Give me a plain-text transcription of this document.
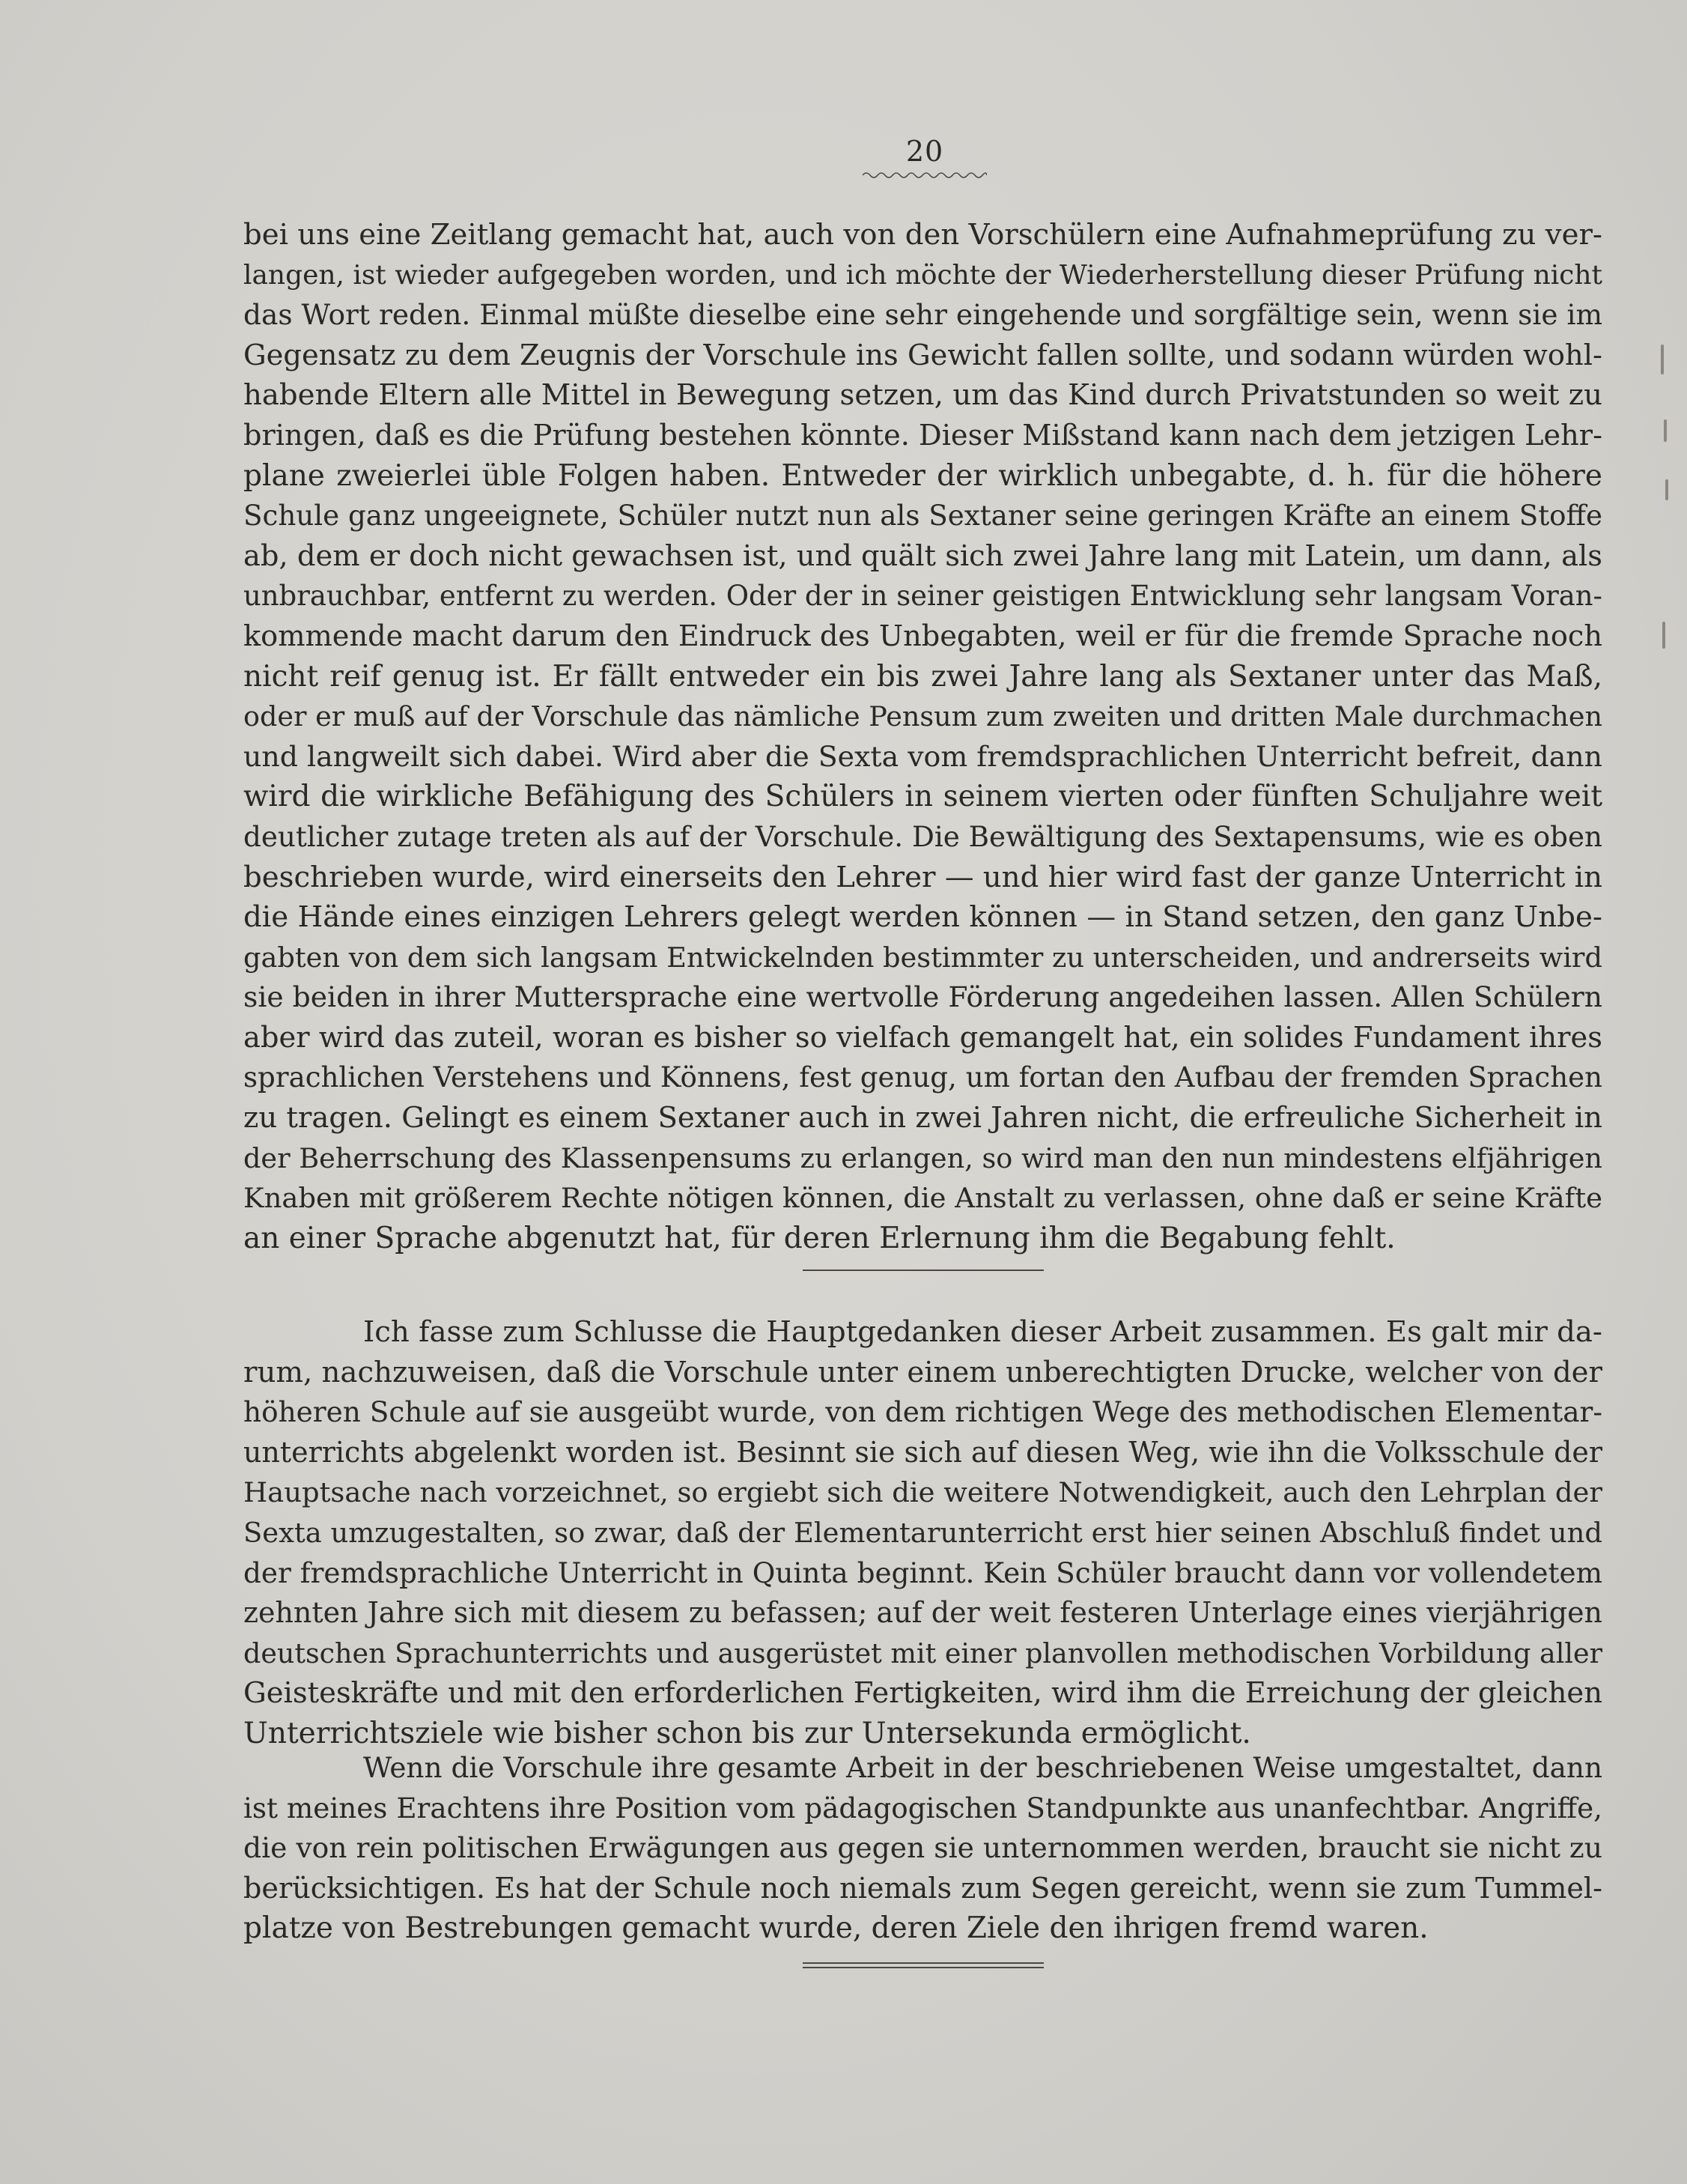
20
bei uns eine Zeitlang gemacht hat, auch von den Vorschülern eine Aufnahmeprüfung zu ver-
langen, ist wieder aufgegeben worden, und ich möchte der Wiederherstellung dieser Prüfung nicht
das Wort reden. Einmal müßte dieselbe eine sehr eingehende und sorgfältige sein, wenn sie im
Gegensatz zu dem Zeugnis der Vorschule ins Gewicht fallen sollte, und sodann würden wohl-
habende Eltern alle Mittel in Bewegung setzen, um das Kind durch Privatstunden so weit zu
bringen, daß es die Prüfung bestehen könnte. Dieser Mißstand kann nach dem jetzigen Lehr-
plane zweierlei üble Folgen haben. Entweder der wirklich unbegabte, d. h. für die höhere
Schule ganz ungeeignete, Schüler nutzt nun als Sextaner seine geringen Kräfte an einem Stoffe
ab, dem er doch nicht gewachsen ist, und quält sich zwei Jahre lang mit Latein, um dann, als
unbrauchbar, entfernt zu werden. Oder der in seiner geistigen Entwicklung sehr langsam Voran-
kommende macht darum den Eindruck des Unbegabten, weil er für die fremde Sprache noch
nicht reif genug ist. Er fällt entweder ein bis zwei Jahre lang als Sextaner unter das Maß,
oder er muß auf der Vorschule das nämliche Pensum zum zweiten und dritten Male durchmachen
und langweilt sich dabei. Wird aber die Sexta vom fremdsprachlichen Unterricht befreit, dann
wird die wirkliche Befähigung des Schülers in seinem vierten oder fünften Schuljahre weit
deutlicher zutage treten als auf der Vorschule. Die Bewältigung des Sextapensums, wie es oben
beschrieben wurde, wird einerseits den Lehrer — und hier wird fast der ganze Unterricht in
die Hände eines einzigen Lehrers gelegt werden können — in Stand setzen, den ganz Unbe-
gabten von dem sich langsam Entwickelnden bestimmter zu unterscheiden, und andrerseits wird
sie beiden in ihrer Muttersprache eine wertvolle Förderung angedeihen lassen. Allen Schülern
aber wird das zuteil, woran es bisher so vielfach gemangelt hat, ein solides Fundament ihres
sprachlichen Verstehens und Könnens, fest genug, um fortan den Aufbau der fremden Sprachen
zu tragen. Gelingt es einem Sextaner auch in zwei Jahren nicht, die erfreuliche Sicherheit in
der Beherrschung des Klassenpensums zu erlangen, so wird man den nun mindestens elfjährigen
Knaben mit größerem Rechte nötigen können, die Anstalt zu verlassen, ohne daß er seine Kräfte
an einer Sprache abgenutzt hat, für deren Erlernung ihm die Begabung fehlt.
Ich fasse zum Schlusse die Hauptgedanken dieser Arbeit zusammen. Es galt mir da-
rum, nachzuweisen, daß die Vorschule unter einem unberechtigten Drucke, welcher von der
höheren Schule auf sie ausgeübt wurde, von dem richtigen Wege des methodischen Elementar-
unterrichts abgelenkt worden ist. Besinnt sie sich auf diesen Weg, wie ihn die Volksschule der
Hauptsache nach vorzeichnet, so ergiebt sich die weitere Notwendigkeit, auch den Lehrplan der
Sexta umzugestalten, so zwar, daß der Elementarunterricht erst hier seinen Abschluß findet und
der fremdsprachliche Unterricht in Quinta beginnt. Kein Schüler braucht dann vor vollendetem
zehnten Jahre sich mit diesem zu befassen; auf der weit festeren Unterlage eines vierjährigen
deutschen Sprachunterrichts und ausgerüstet mit einer planvollen methodischen Vorbildung aller
Geisteskräfte und mit den erforderlichen Fertigkeiten, wird ihm die Erreichung der gleichen
Unterrichtsziele wie bisher schon bis zur Untersekunda ermöglicht.
Wenn die Vorschule ihre gesamte Arbeit in der beschriebenen Weise umgestaltet, dann
ist meines Erachtens ihre Position vom pädagogischen Standpunkte aus unanfechtbar. Angriffe,
die von rein politischen Erwägungen aus gegen sie unternommen werden, braucht sie nicht zu
berücksichtigen. Es hat der Schule noch niemals zum Segen gereicht, wenn sie zum Tummel-
platze von Bestrebungen gemacht wurde, deren Ziele den ihrigen fremd waren.
